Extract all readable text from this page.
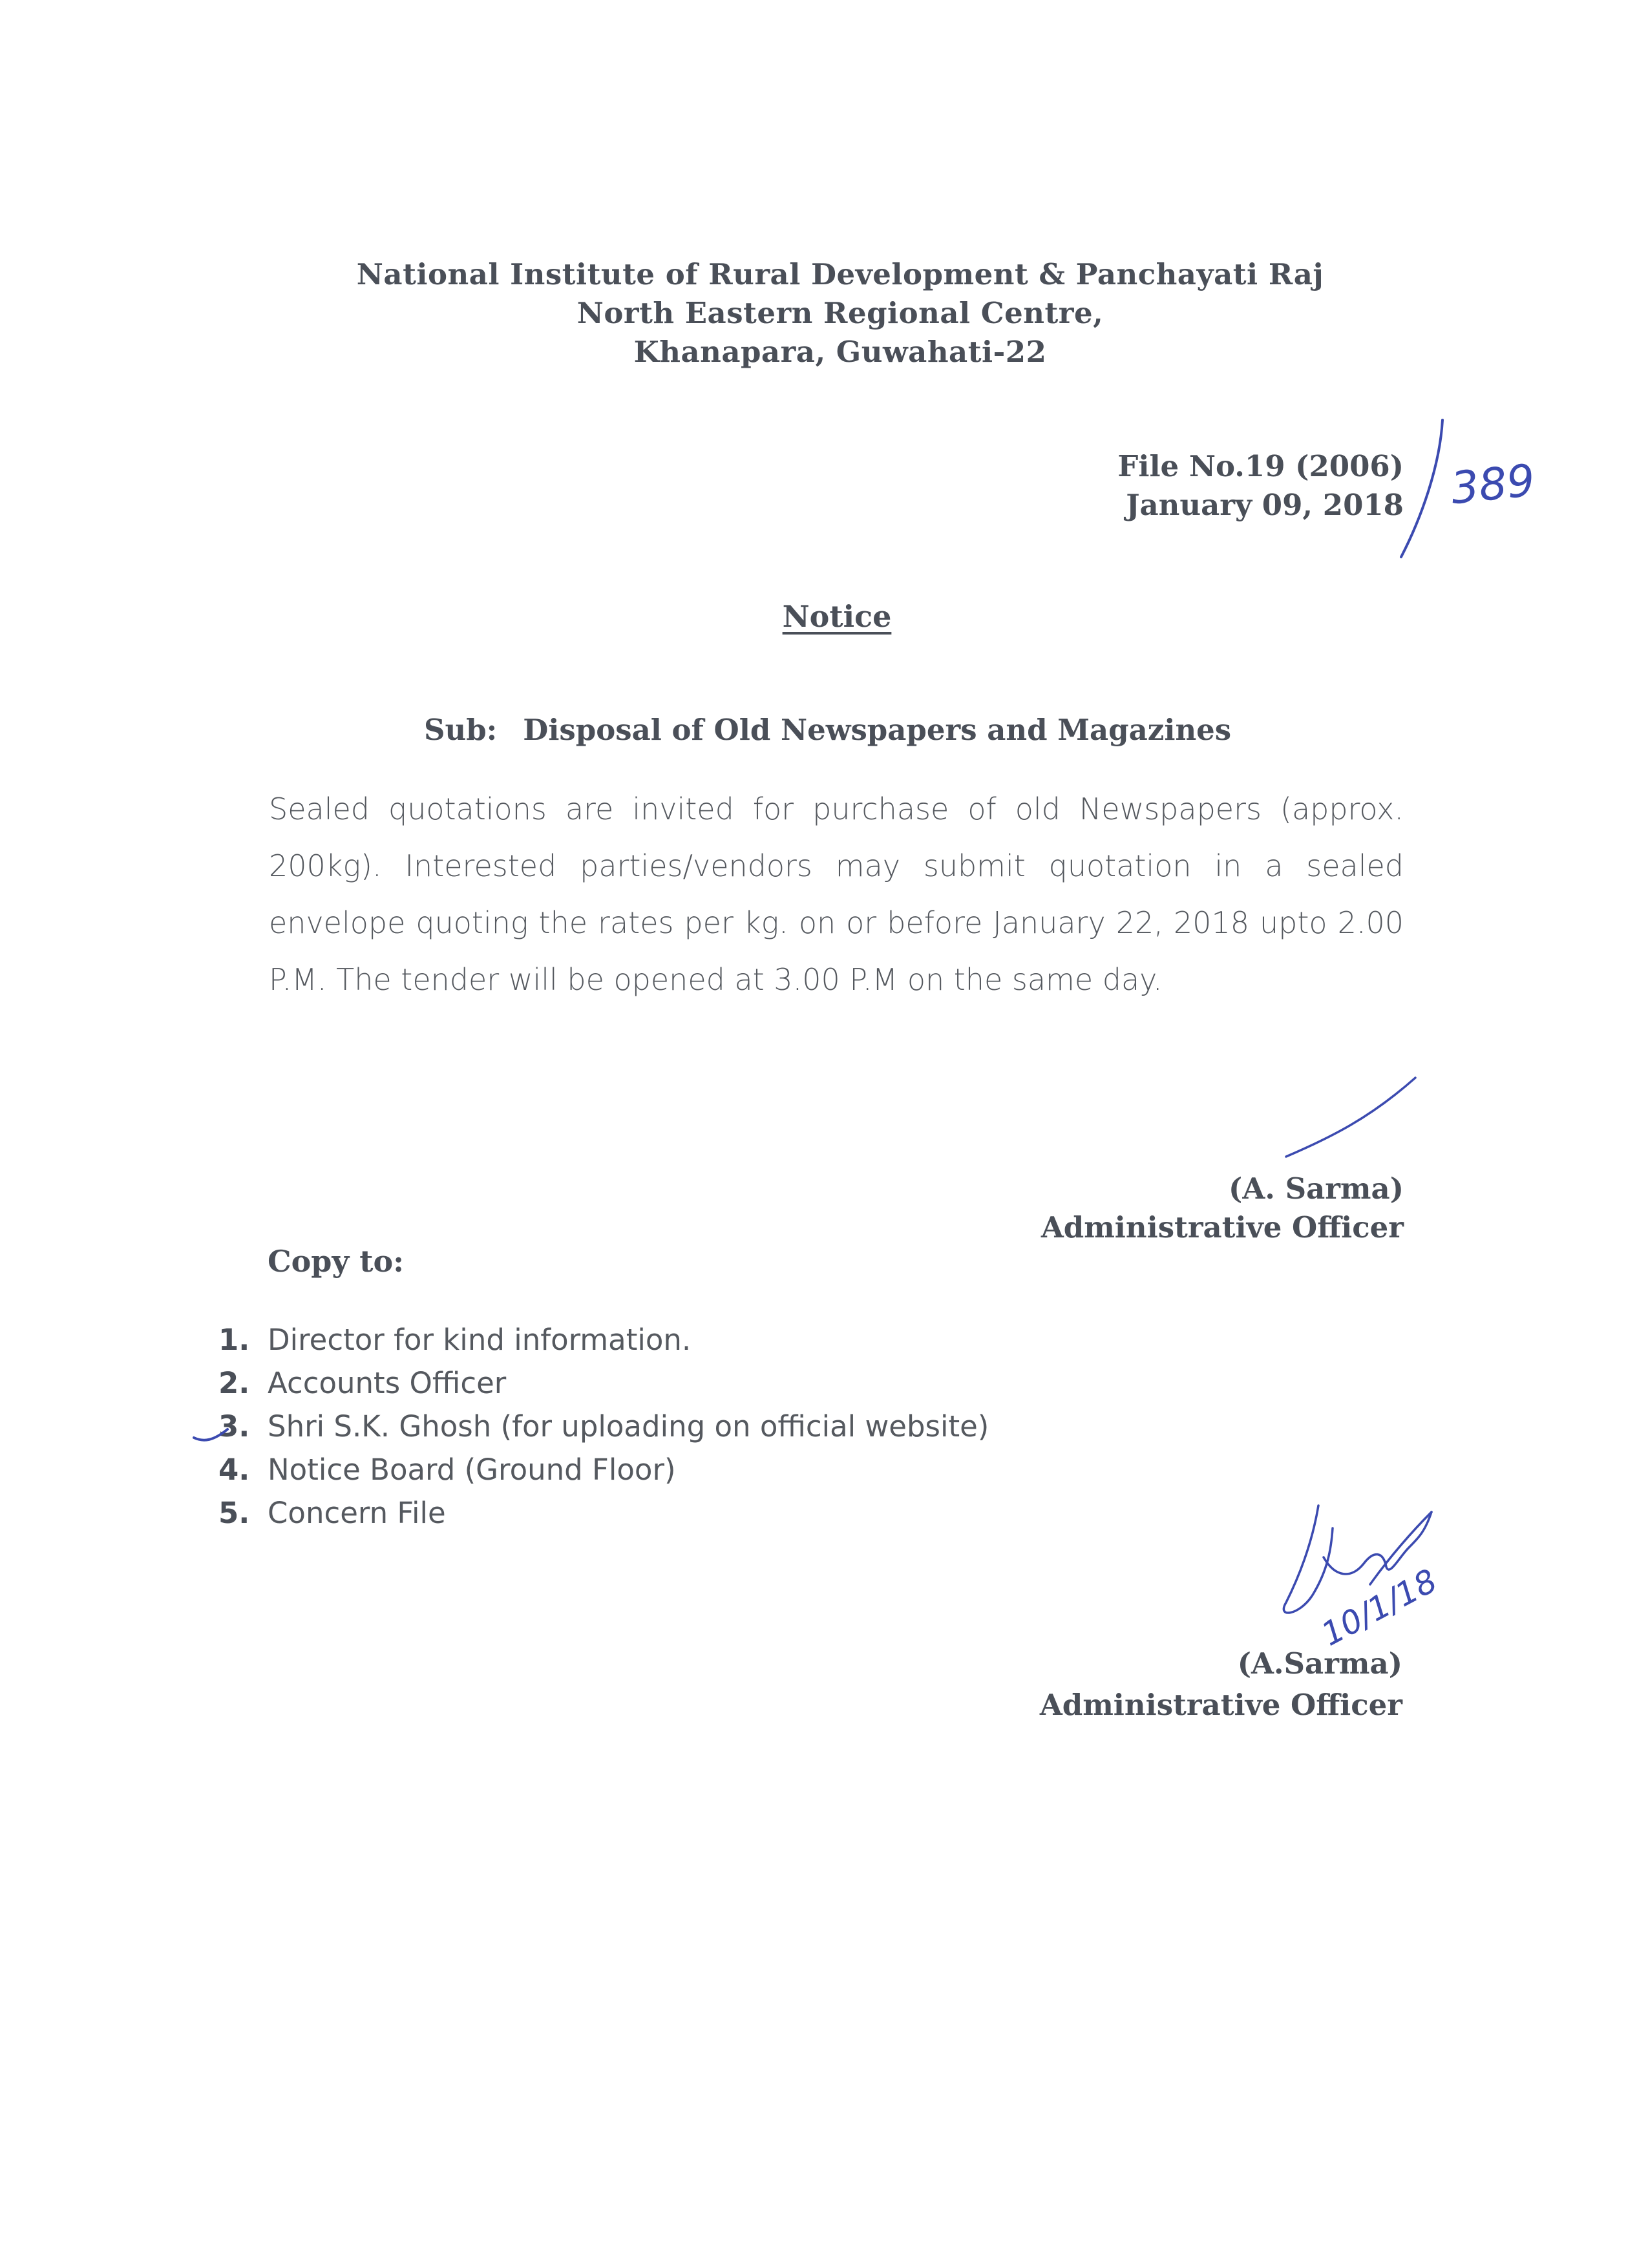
National Institute of Rural Development & Panchayati Raj
North Eastern Regional Centre,
Khanapara, Guwahati-22
File No.19 (2006)
January 09, 2018
Notice
Sub: Disposal of Old Newspapers and Magazines
Sealed quotations are invited for purchase of old Newspapers (approx. 200kg). Interested parties/vendors may submit quotation in a sealed envelope quoting the rates per kg. on or before January 22, 2018 upto 2.00 P.M. The tender will be opened at 3.00 P.M on the same day.
(A. Sarma)
Administrative Officer
Copy to:
1. Director for kind information.
2. Accounts Officer
3. Shri S.K. Ghosh (for uploading on official website)
4. Notice Board (Ground Floor)
5. Concern File
(A.Sarma)
Administrative Officer
389
10/1/18
